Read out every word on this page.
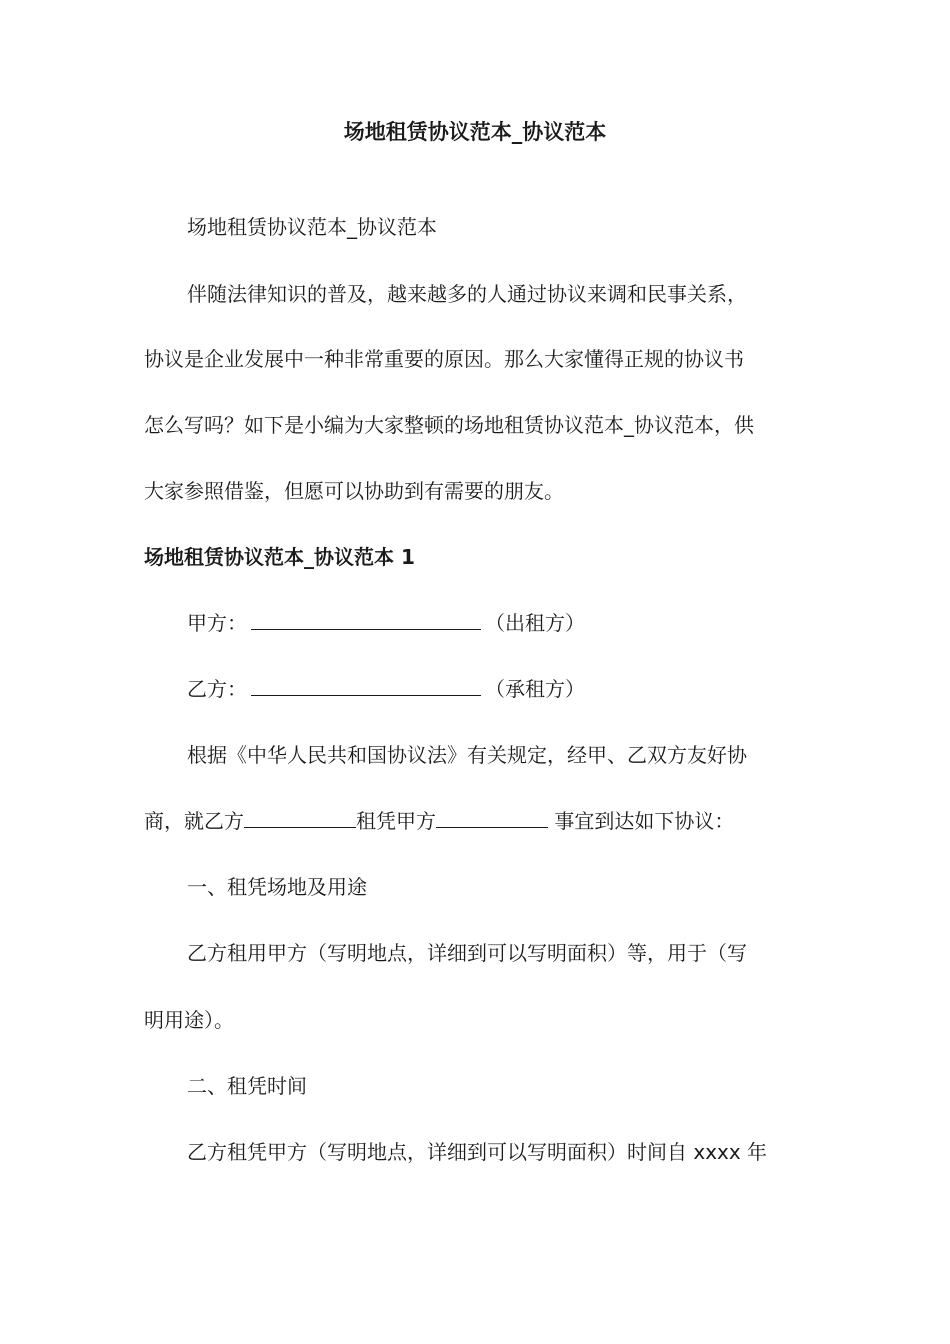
场地租赁协议范本_协议范本

场地租赁协议范本_协议范本

伴随法律知识的普及，越来越多的人通过协议来调和民事关系，

协议是企业发展中一种非常重要的原因。那么大家懂得正规的协议书

怎么写吗？如下是小编为大家整顿的场地租赁协议范本_协议范本，供

大家参照借鉴，但愿可以协助到有需要的朋友。

场地租赁协议范本_协议范本 1

甲方：	（出租方）

乙方：	（承租方）

根据《中华人民共和国协议法》有关规定，经甲、乙双方友好协

商，就乙方	租凭甲方	事宜到达如下协议：

一、租凭场地及用途

乙方租用甲方（写明地点，详细到可以写明面积）等，用于（写

明用途）。

二、租凭时间

乙方租凭甲方（写明地点，详细到可以写明面积）时间自 xxxx 年
